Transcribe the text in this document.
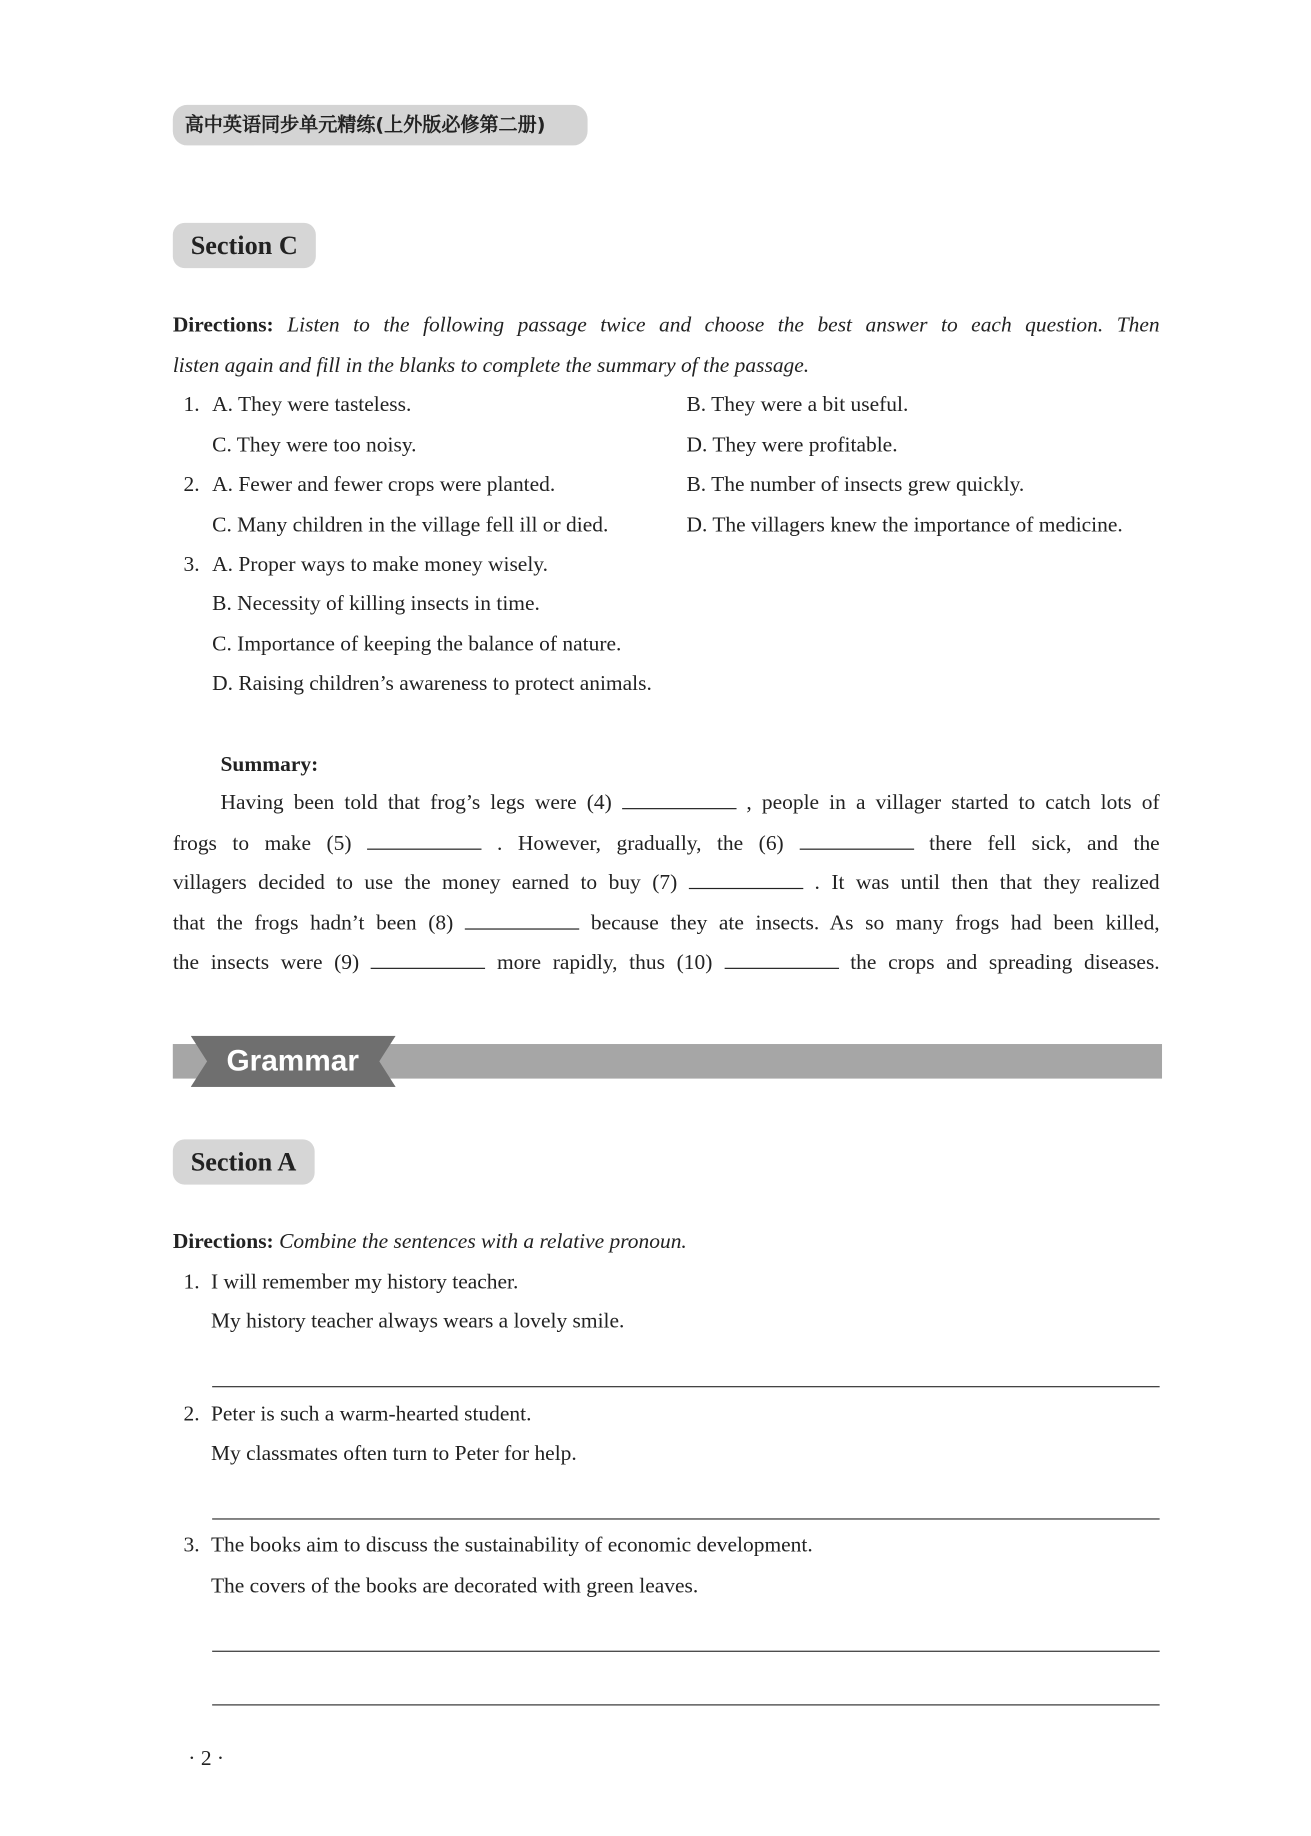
高中英语同步单元精练(上外版必修第二册)
Section C
Directions: Listen to the following passage twice and choose the best answer to each question. Then
listen again and fill in the blanks to complete the summary of the passage.
1. A. They were tasteless.	B. They were a bit useful.
C. They were too noisy.	D. They were profitable.
2. A. Fewer and fewer crops were planted.	B. The number of insects grew quickly.
C. Many children in the village fell ill or died.	D. The villagers knew the importance of medicine.
3. A. Proper ways to make money wisely.
B. Necessity of killing insects in time.
C. Importance of keeping the balance of nature.
D. Raising children’s awareness to protect animals.
Summary:
Having been told that frog’s legs were (4)	, people in a villager started to catch lots of
frogs to make (5)	. However, gradually, the (6)	there fell sick, and the
villagers decided to use the money earned to buy (7)	. It was until then that they realized
that the frogs hadn’t been (8)	because they ate insects. As so many frogs had been killed,
the insects were (9)	more rapidly, thus (10)	the crops and spreading diseases.
Grammar
Section A
Directions: Combine the sentences with a relative pronoun.
1. I will remember my history teacher.
My history teacher always wears a lovely smile.
2. Peter is such a warm-hearted student.
My classmates often turn to Peter for help.
3. The books aim to discuss the sustainability of economic development.
The covers of the books are decorated with green leaves.
· 2 ·
